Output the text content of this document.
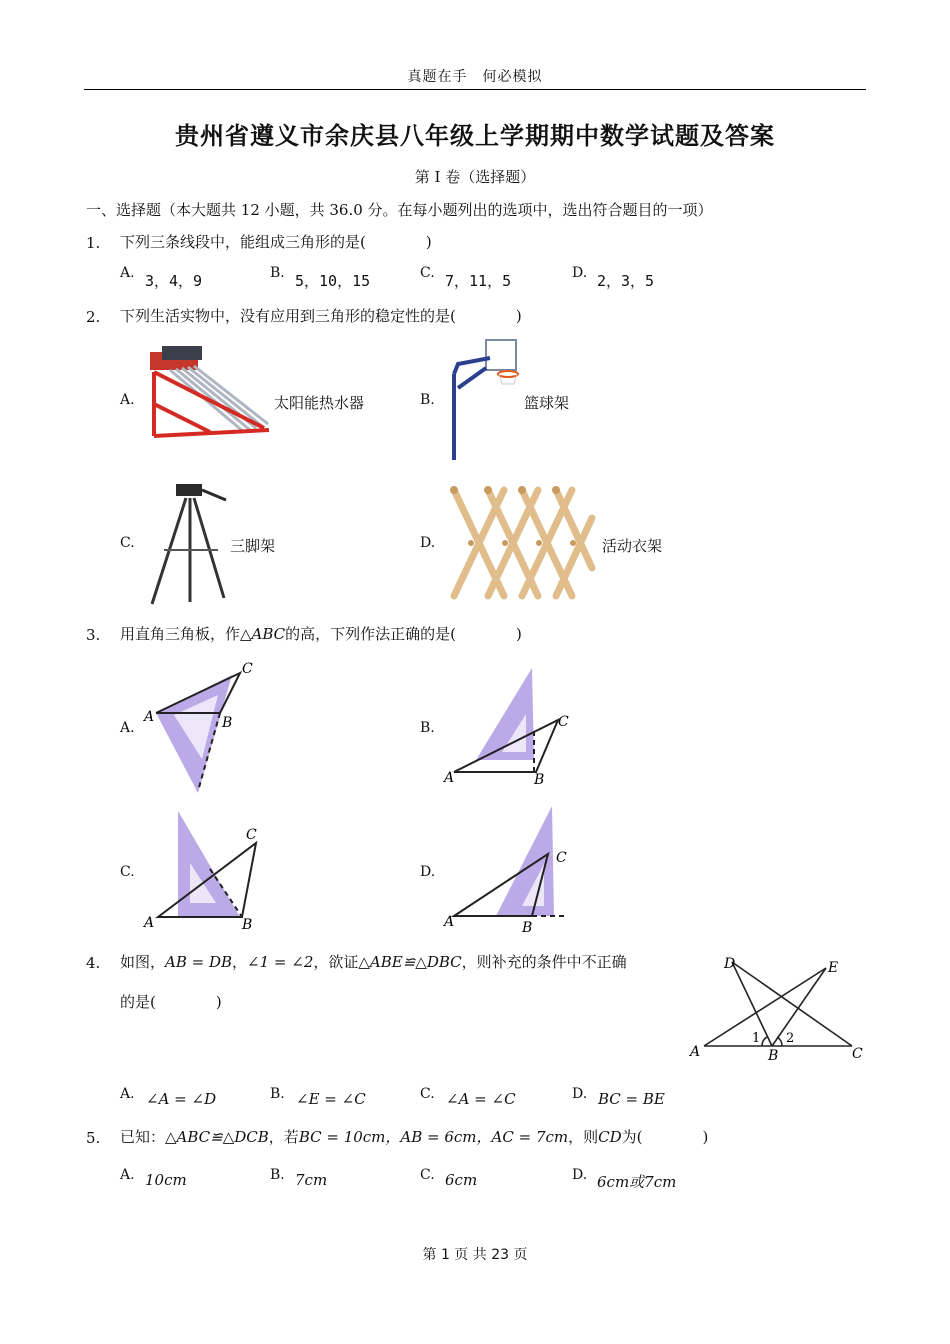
真题在手　何必模拟
贵州省遵义市余庆县八年级上学期期中数学试题及答案
第 I 卷（选择题）
一、选择题（本大题共 12 小题，共 36.0 分。在每小题列出的选项中，选出符合题目的一项）
1. 下列三条线段中，能组成三角形的是(　　　　)
A. 3，4，9	B. 5，10，15	C. 7，11，5	D. 2，3，5
2. 下列生活实物中，没有应用到三角形的稳定性的是(　　　　)
A.	太阳能热水器	B.	篮球架
C.	三脚架	D.	活动衣架
3. 用直角三角板，作△ABC的高，下列作法正确的是(　　　　)
A.
A	B
C
B.
A	B
C
C.
A	B
C
D.
A	B
C
4. 如图，AB = DB，∠1 = ∠2，欲证△ABE≌△DBC，则补充的条件中不正确
的是(　　　　)
D	E
A	B	C
1 2
A. ∠A = ∠D	B. ∠E = ∠C	C. ∠A = ∠C	D. BC = BE
5. 已知：△ABC≌△DCB，若BC = 10cm，AB = 6cm，AC = 7cm，则CD为(　　　　)
A. 10cm	B. 7cm	C. 6cm	D. 6cm或7cm
第 1 页 共 23 页
